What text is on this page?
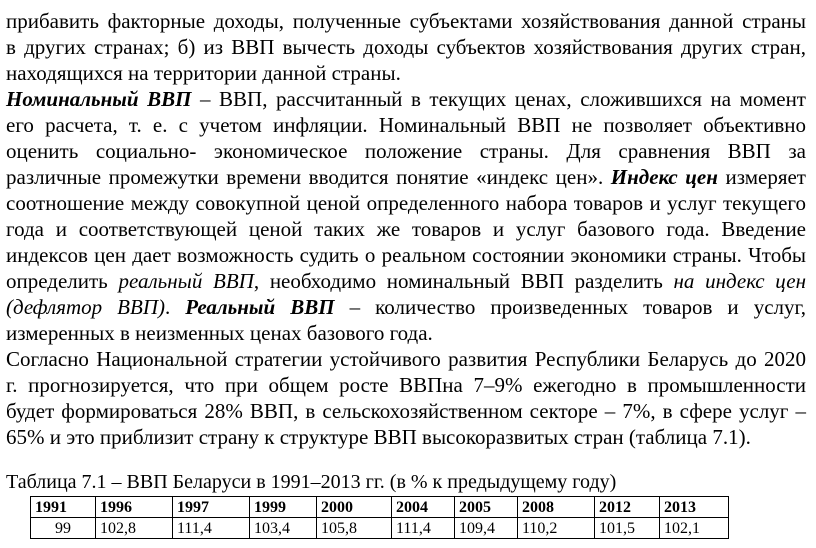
прибавить факторные доходы, полученные субъектами хозяйствования данной страны
в других странах; б) из ВВП вычесть доходы субъектов хозяйствования других стран,
находящихся на территории данной страны.

Номинальный ВВП – ВВП, рассчитанный в текущих ценах, сложившихся на момент
его расчета, т. е. с учетом инфляции. Номинальный ВВП не позволяет объективно
оценить социально- экономическое положение страны. Для сравнения ВВП за
различные промежутки времени вводится понятие «индекс цен». Индекс цен измеряет
соотношение между совокупной ценой определенного набора товаров и услуг текущего
года и соответствующей ценой таких же товаров и услуг базового года. Введение
индексов цен дает возможность судить о реальном состоянии экономики страны. Чтобы
определить реальный ВВП, необходимо номинальный ВВП разделить на индекс цен
(дефлятор ВВП). Реальный ВВП – количество произведенных товаров и услуг,
измеренных в неизменных ценах базового года.

Согласно Национальной стратегии устойчивого развития Республики Беларусь до 2020
г. прогнозируется, что при общем росте ВВПна 7–9% ежегодно в промышленности
будет формироваться 28% ВВП, в сельскохозяйственном секторе – 7%, в сфере услуг –
65% и это приблизит страну к структуре ВВП высокоразвитых стран (таблица 7.1).

Таблица 7.1 – ВВП Беларуси в 1991–2013 гг. (в % к предыдущему году)

1991	1996	1997	1999	2000	2004	2005	2008	2012	2013
99	102,8	111,4	103,4	105,8	111,4	109,4	110,2	101,5	102,1
